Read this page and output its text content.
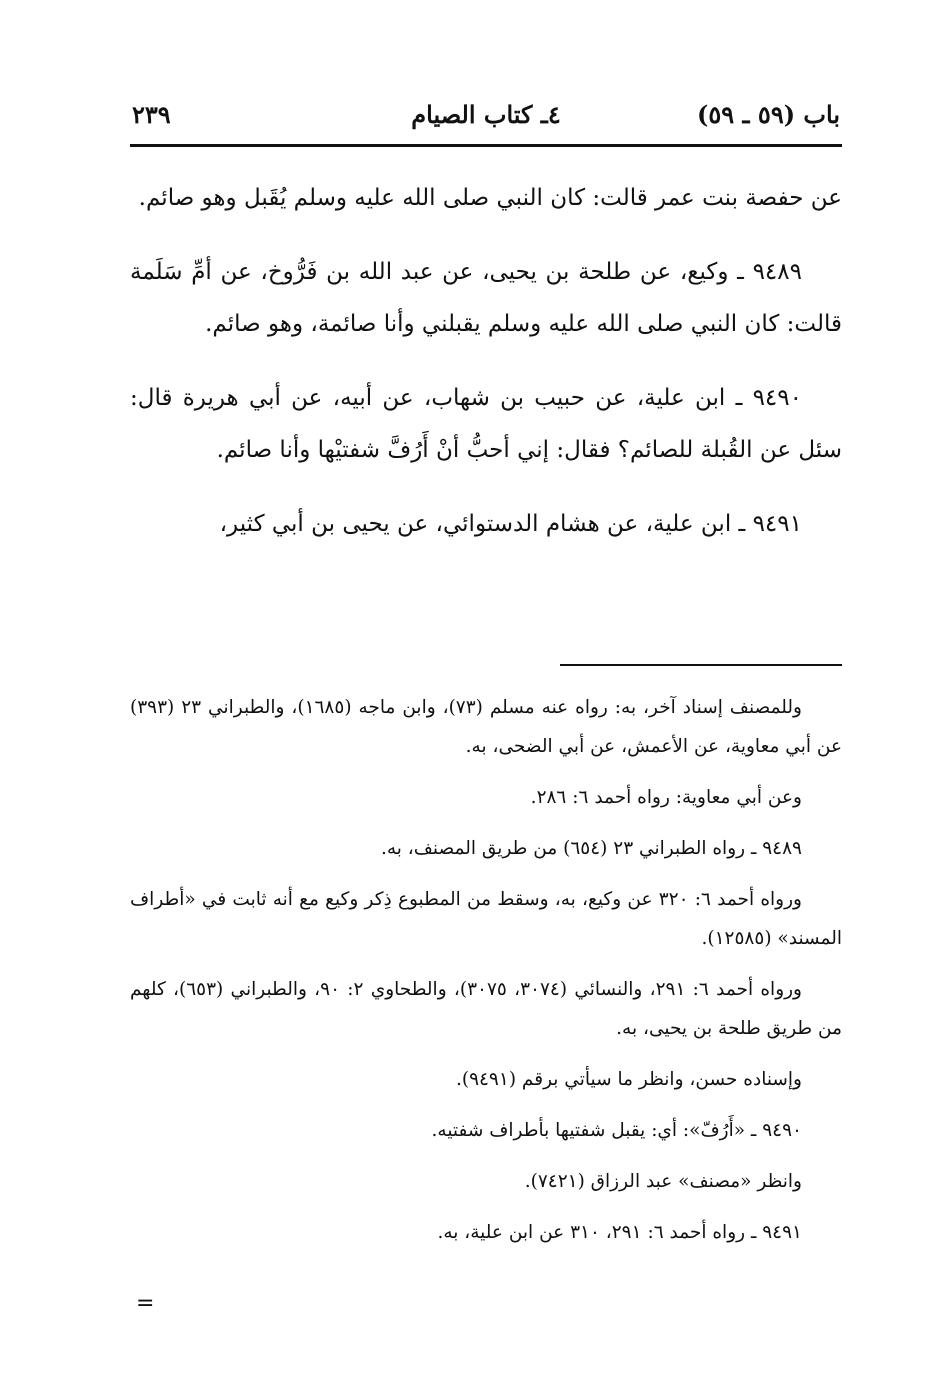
باب (٥٩ ـ ٥٩)
٤ـ كتاب الصيام
٢٣٩

عن حفصة بنت عمر قالت: كان النبي صلى الله عليه وسلم يُقَبل وهو صائم.

٩٤٨٩ ـ وكيع، عن طلحة بن يحيى، عن عبد الله بن فَرُّوخ، عن أمِّ سَلَمة قالت: كان النبي صلى الله عليه وسلم يقبلني وأنا صائمة، وهو صائم.

٩٤٩٠ ـ ابن علية، عن حبيب بن شهاب، عن أبيه، عن أبي هريرة قال: سئل عن القُبلة للصائم؟ فقال: إني أحبُّ أنْ أَرُفَّ شفتيْها وأنا صائم.

٩٤٩١ ـ ابن علية، عن هشام الدستوائي، عن يحيى بن أبي كثير،

وللمصنف إسناد آخر، به: رواه عنه مسلم (٧٣)، وابن ماجه (١٦٨٥)، والطبراني ٢٣ (٣٩٣) عن أبي معاوية، عن الأعمش، عن أبي الضحى، به.

وعن أبي معاوية: رواه أحمد ٦: ٢٨٦.

٩٤٨٩ ـ رواه الطبراني ٢٣ (٦٥٤) من طريق المصنف، به.

ورواه أحمد ٦: ٣٢٠ عن وكيع، به، وسقط من المطبوع ذِكر وكيع مع أنه ثابت في «أطراف المسند» (١٢٥٨٥).

ورواه أحمد ٦: ٢٩١، والنسائي (٣٠٧٤، ٣٠٧٥)، والطحاوي ٢: ٩٠، والطبراني (٦٥٣)، كلهم من طريق طلحة بن يحيى، به.

وإسناده حسن، وانظر ما سيأتي برقم (٩٤٩١).

٩٤٩٠ ـ «أَرُفّ»: أي: يقبل شفتيها بأطراف شفتيه.

وانظر «مصنف» عبد الرزاق (٧٤٢١).

٩٤٩١ ـ رواه أحمد ٦: ٢٩١، ٣١٠ عن ابن علية، به.

=
